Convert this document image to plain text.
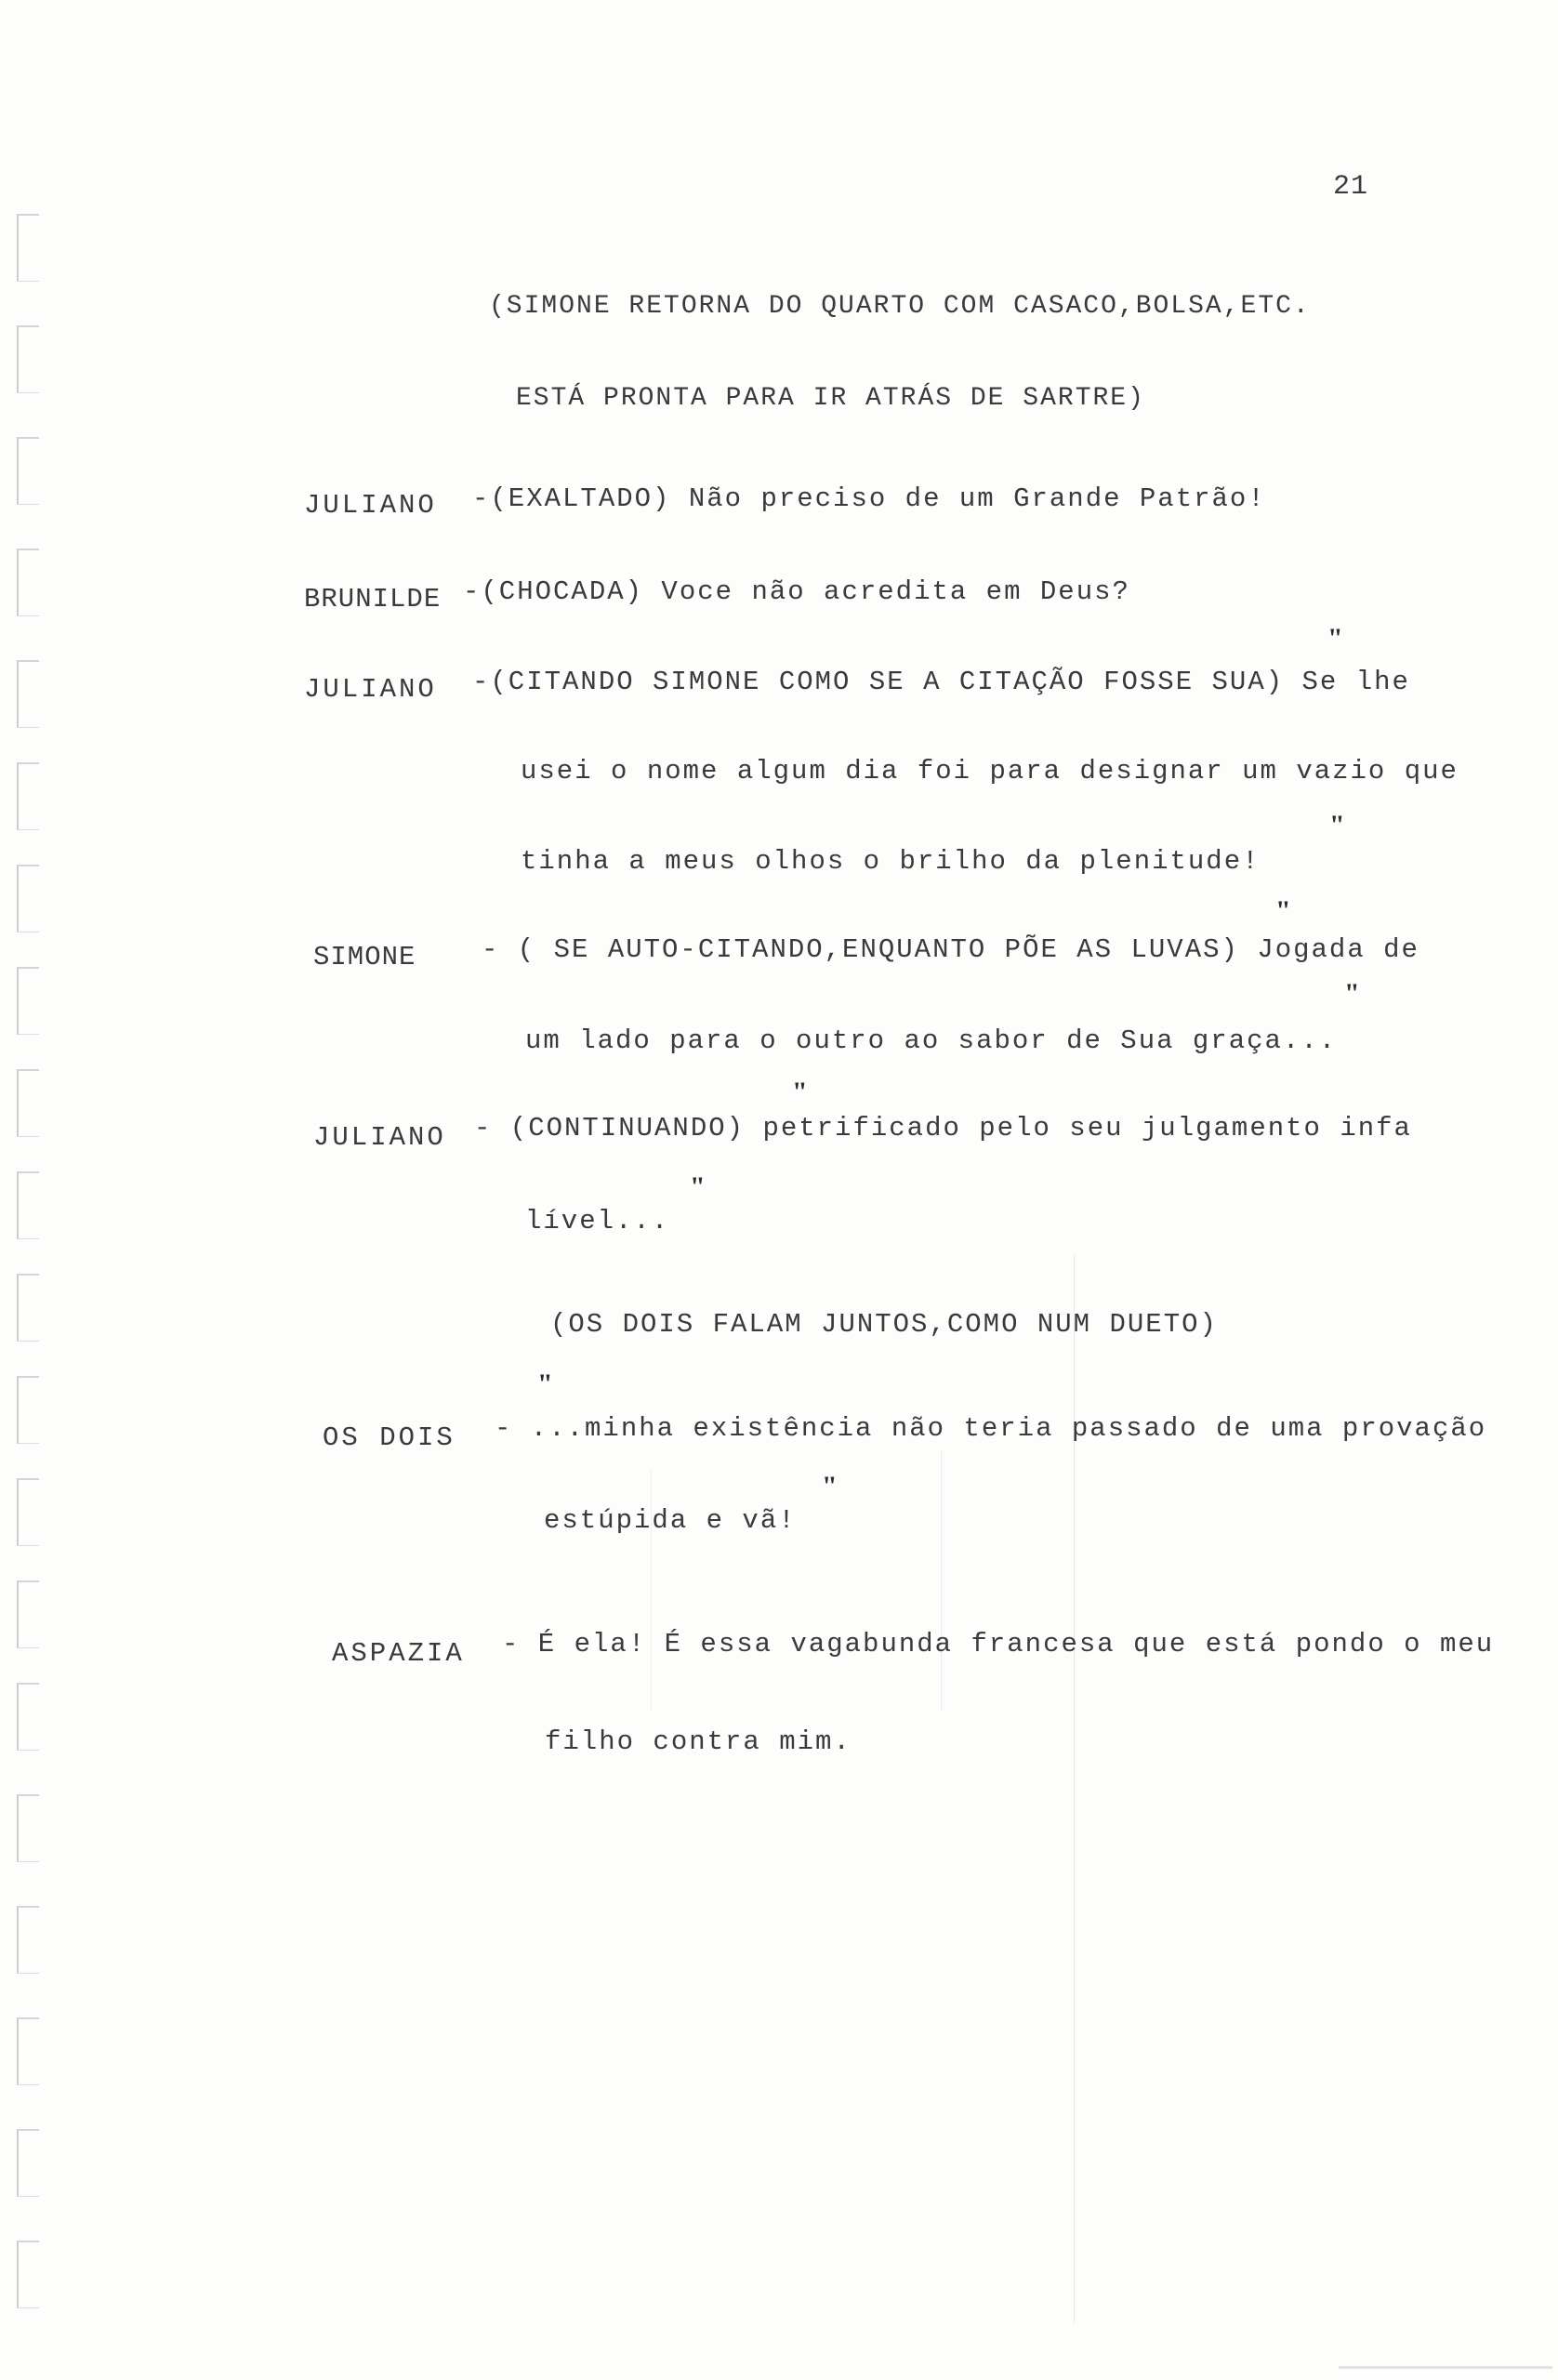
21
(SIMONE RETORNA DO QUARTO COM CASACO,BOLSA,ETC.
ESTÁ PRONTA PARA IR ATRÁS DE SARTRE)
JULIANO -(EXALTADO) Não preciso de um Grande Patrão!
BRUNILDE -(CHOCADA) Voce não acredita em Deus?
"
JULIANO -(CITANDO SIMONE COMO SE A CITAÇÃO FOSSE SUA) Se lhe
usei o nome algum dia foi para designar um vazio que
"
tinha a meus olhos o brilho da plenitude!
"
SIMONE - ( SE AUTO-CITANDO,ENQUANTO PÕE AS LUVAS) Jogada de
"
um lado para o outro ao sabor de Sua graça...
"
JULIANO - (CONTINUANDO) petrificado pelo seu julgamento infa
"
lível...
(OS DOIS FALAM JUNTOS,COMO NUM DUETO)
"
OS DOIS - ...minha existência não teria passado de uma provação
"
estúpida e vã!
ASPAZIA - É ela! É essa vagabunda francesa que está pondo o meu
filho contra mim.
